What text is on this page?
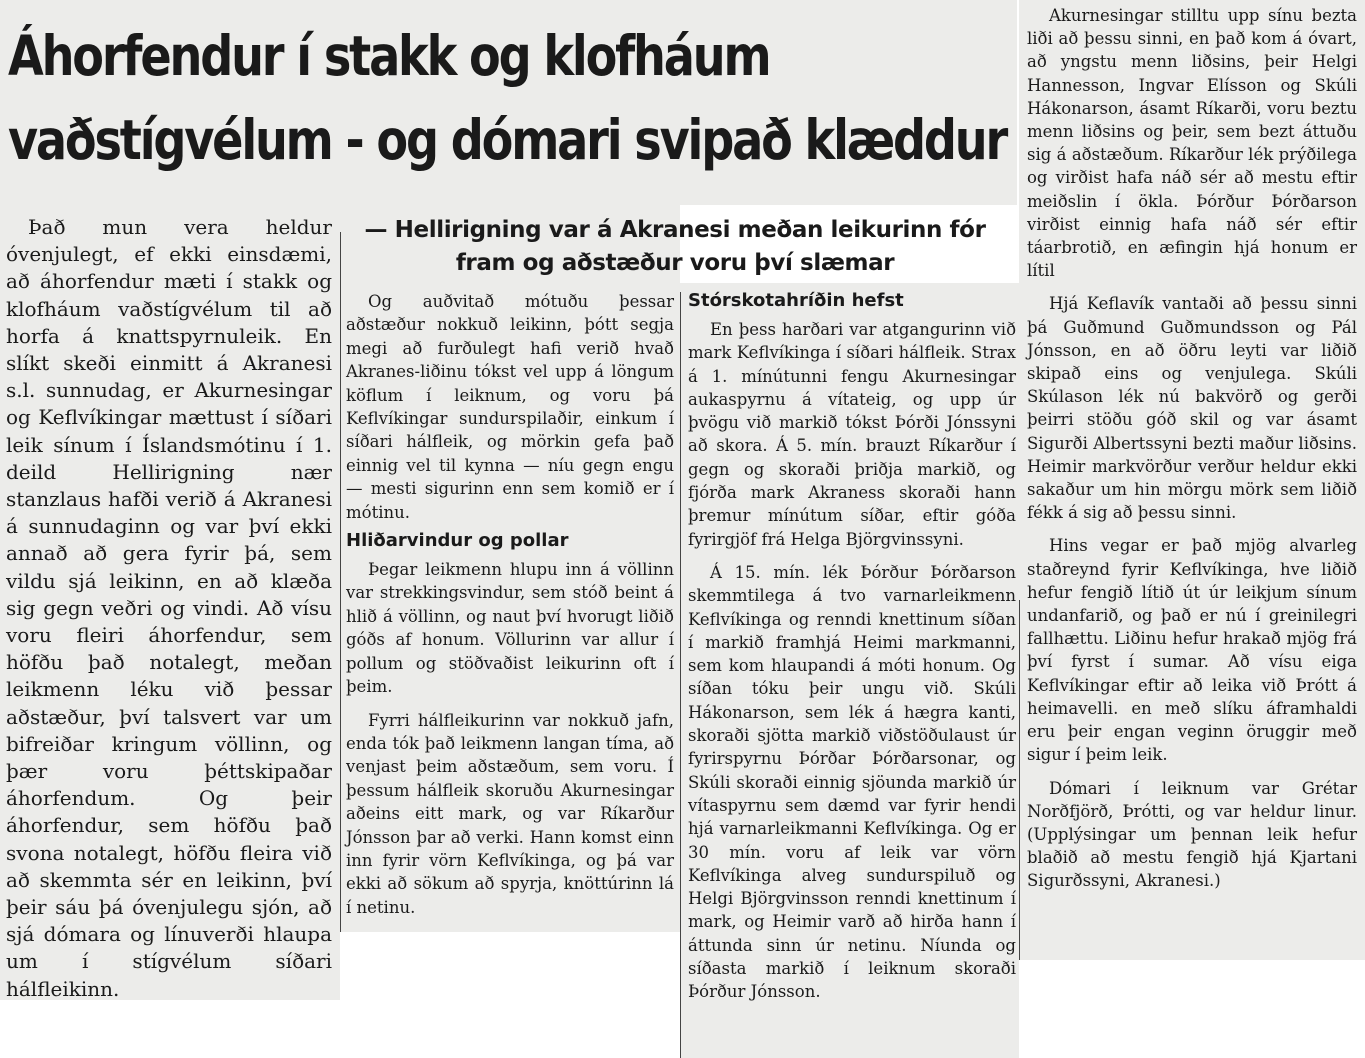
Áhorfendur í stakk og klofháum vaðstígvélum - og dómari svipað klæddur
— Hellirigning var á Akranesi meðan leikurinn fór fram og aðstæður voru því slæmar

Það mun vera heldur óvenjulegt, ef ekki einsdæmi, að áhorfendur mæti í stakk og klofháum vaðstígvélum til að horfa á knattspyrnuleik. En slíkt skeði einmitt á Akranesi s.l. sunnudag, er Akurnesingar og Keflvíkingar mættust í síðari leik sínum í Íslandsmótinu í 1. deild Hellirigning nær stanzlaus hafði verið á Akranesi á sunnudaginn og var því ekki annað að gera fyrir þá, sem vildu sjá leikinn, en að klæða sig gegn veðri og vindi. Að vísu voru fleiri áhorfendur, sem höfðu það notalegt, meðan leikmenn léku við þessar aðstæður, því talsvert var um bifreiðar kringum völlinn, og þær voru þéttskipaðar áhorfendum. Og þeir áhorfendur, sem höfðu það svona notalegt, höfðu fleira við að skemmta sér en leikinn, því þeir sáu þá óvenjulegu sjón, að sjá dómara og línuverði hlaupa um í stígvélum síðari hálfleikinn.

Og auðvitað mótuðu þessar aðstæður nokkuð leikinn, þótt segja megi að furðulegt hafi verið hvað Akranes-liðinu tókst vel upp á löngum köflum í leiknum, og voru þá Keflvíkingar sundurspilaðir, einkum í síðari hálfleik, og mörkin gefa það einnig vel til kynna — níu gegn engu — mesti sigurinn enn sem komið er í mótinu.

Hliðarvindur og pollar

Þegar leikmenn hlupu inn á völlinn var strekkingsvindur, sem stóð beint á hlið á völlinn, og naut því hvorugt liðið góðs af honum. Völlurinn var allur í pollum og stöðvaðist leikurinn oft í þeim.

Fyrri hálfleikurinn var nokkuð jafn, enda tók það leikmenn langan tíma, að venjast þeim aðstæðum, sem voru. Í þessum hálfleik skoruðu Akurnesingar aðeins eitt mark, og var Ríkarður Jónsson þar að verki. Hann komst einn inn fyrir vörn Keflvíkinga, og þá var ekki að sökum að spyrja, knöttúrinn lá í netinu.

Stórskotahríðin hefst

En þess harðari var atgangurinn við mark Keflvíkinga í síðari hálfleik. Strax á 1. mínútunni fengu Akurnesingar aukaspyrnu á vítateig, og upp úr þvögu við markið tókst Þórði Jónssyni að skora. Á 5. mín. brauzt Ríkarður í gegn og skoraði þriðja markið, og fjórða mark Akraness skoraði hann þremur mínútum síðar, eftir góða fyrirgjöf frá Helga Björgvinssyni.

Á 15. mín. lék Þórður Þórðarson skemmtilega á tvo varnarleikmenn Keflvíkinga og renndi knettinum síðan í markið framhjá Heimi markmanni, sem kom hlaupandi á móti honum. Og síðan tóku þeir ungu við. Skúli Hákonarson, sem lék á hægra kanti, skoraði sjötta markið viðstöðulaust úr fyrirspyrnu Þórðar Þórðarsonar, og Skúli skoraði einnig sjöunda markið úr vítaspyrnu sem dæmd var fyrir hendi hjá varnarleikmanni Keflvíkinga. Og er 30 mín. voru af leik var vörn Keflvíkinga alveg sundurspiluð og Helgi Björgvinsson renndi knettinum í mark, og Heimir varð að hirða hann í áttunda sinn úr netinu. Níunda og síðasta markið í leiknum skoraði Þórður Jónsson.

Akurnesingar stilltu upp sínu bezta liði að þessu sinni, en það kom á óvart, að yngstu menn liðsins, þeir Helgi Hannesson, Ingvar Elísson og Skúli Hákonarson, ásamt Ríkarði, voru beztu menn liðsins og þeir, sem bezt áttuðu sig á aðstæðum. Ríkarður lék prýðilega og virðist hafa náð sér að mestu eftir meiðslin í ökla. Þórður Þórðarson virðist einnig hafa náð sér eftir táarbrotið, en æfingin hjá honum er lítil

Hjá Keflavík vantaði að þessu sinni þá Guðmund Guðmundsson og Pál Jónsson, en að öðru leyti var liðið skipað eins og venjulega. Skúli Skúlason lék nú bakvörð og gerði þeirri stöðu góð skil og var ásamt Sigurði Albertssyni bezti maður liðsins. Heimir markvörður verður heldur ekki sakaður um hin mörgu mörk sem liðið fékk á sig að þessu sinni.

Hins vegar er það mjög alvarleg staðreynd fyrir Keflvíkinga, hve liðið hefur fengið lítið út úr leikjum sínum undanfarið, og það er nú í greinilegri fallhættu. Liðinu hefur hrakað mjög frá því fyrst í sumar. Að vísu eiga Keflvíkingar eftir að leika við Þrótt á heimavelli. en með slíku áframhaldi eru þeir engan veginn öruggir með sigur í þeim leik.

Dómari í leiknum var Grétar Norðfjörð, Þrótti, og var heldur linur. (Upplýsingar um þennan leik hefur blaðið að mestu fengið hjá Kjartani Sigurðssyni, Akranesi.)
